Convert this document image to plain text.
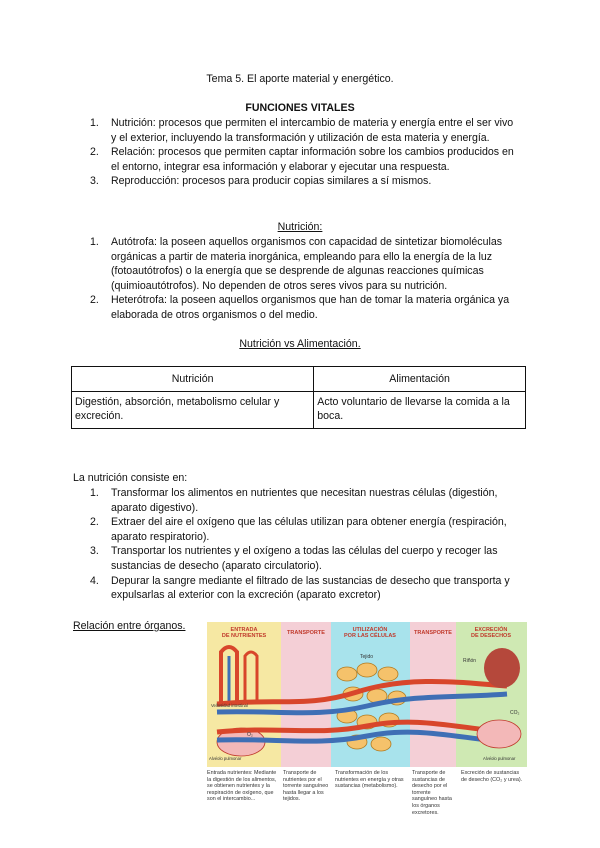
Tema 5. El aporte material y energético.
FUNCIONES VITALES
1. Nutrición: procesos que permiten el intercambio de materia y energía entre el ser vivo y el exterior, incluyendo la transformación y utilización de esta materia y energía.
2. Relación: procesos que permiten captar información sobre los cambios producidos en el entorno, integrar esa información y elaborar y ejecutar una respuesta.
3. Reproducción: procesos para producir copias similares a sí mismos.
Nutrición:
1. Autótrofa: la poseen aquellos organismos con capacidad de sintetizar biomoléculas orgánicas a partir de materia inorgánica, empleando para ello la energía de la luz (fotoautótrofos) o la energía que se desprende de algunas reacciones químicas (quimioautótrofos). No dependen de otros seres vivos para su nutrición.
2. Heterótrofa: la poseen aquellos organismos que han de tomar la materia orgánica ya elaborada de otros organismos o del medio.
Nutrición vs Alimentación.
Nutrición	Alimentación
Digestión, absorción, metabolismo celular y excreción.	Acto voluntario de llevarse la comida a la boca.
La nutrición consiste en:
1. Transformar los alimentos en nutrientes que necesitan nuestras células (digestión, aparato digestivo).
2. Extraer del aire el oxígeno que las células utilizan para obtener energía (respiración, aparato respiratorio).
3. Transportar los nutrientes y el oxígeno a todas las células del cuerpo y recoger las sustancias de desecho (aparato circulatorio).
4. Depurar la sangre mediante el filtrado de las sustancias de desecho que transporta y expulsarlas al exterior con la excreción (aparato excretor)
Relación entre órganos.	ENTRADA
DE NUTRIENTES	TRANSPORTE	UTILIZACIÓN
POR LAS CÉLULAS	TRANSPORTE	EXCRECIÓN
DE DESECHOS
Tejido
Riñón
CO₂
O₂
Vellosidad intestinal
Alvéolo pulmonar	Alvéolo pulmonar
Entrada nutrientes: Mediante la digestión de los alimentos, se obtienen nutrientes y la respiración de oxígeno, que son el intercambio...
Transporte de nutrientes por el torrente sanguíneo hasta llegar a los tejidos.
Transformación de los nutrientes en energía y otras sustancias (metabolismo).
Transporte de sustancias de desecho por el torrente sanguíneo hasta los órganos excretores.
Excreción de sustancias de desecho (CO₂ y urea).
